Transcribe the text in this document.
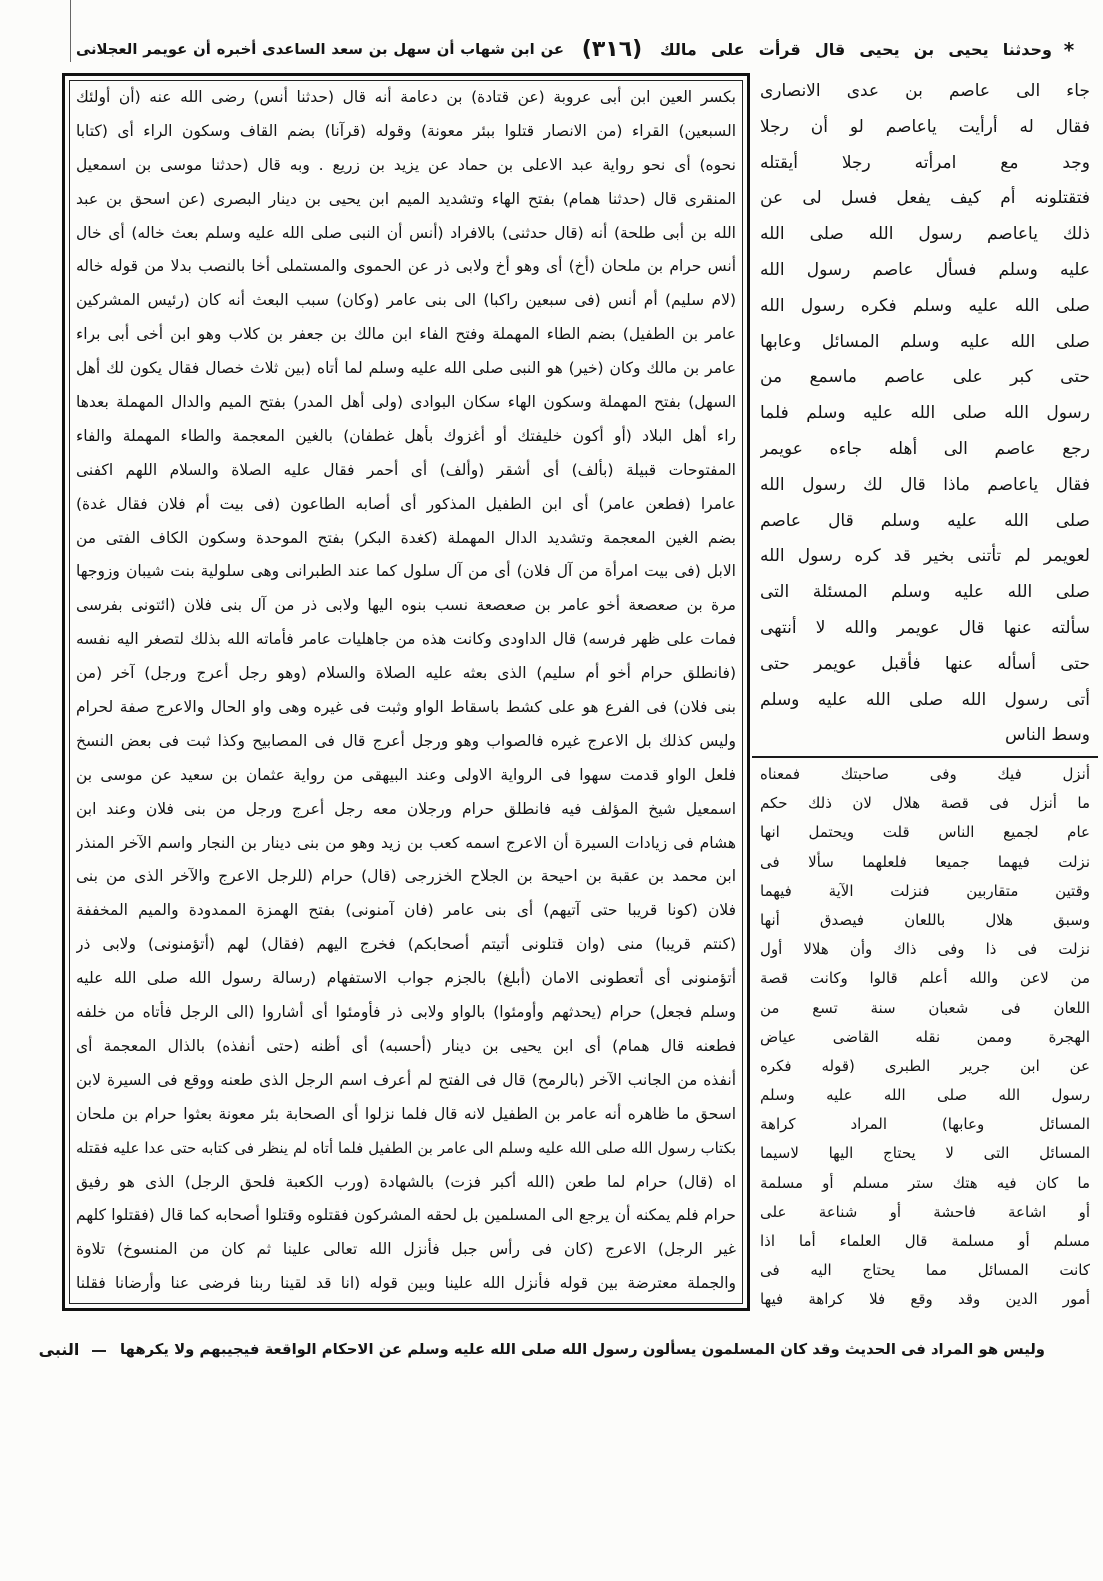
*
وحدثنا يحيى بن يحيى قال قرأت على مالك
(٣١٦)
عن ابن شهاب أن سهل بن سعد الساعدى أخبره أن عويمر العجلانى
بكسر العين ابن أبى عروبة (عن قتادة) بن دعامة أنه قال (حدثنا أنس) رضى الله عنه (أن أولئك
السبعين) القراء (من الانصار قتلوا ببئر معونة) وقوله (قرآنا) بضم القاف وسكون الراء أى (كتابا
نحوه) أى نحو رواية عبد الاعلى بن حماد عن يزيد بن زريع . وبه قال (حدثنا موسى بن اسمعيل
المنقرى قال (حدثنا همام) بفتح الهاء وتشديد الميم ابن يحيى بن دينار البصرى (عن اسحق بن عبد
الله بن أبى طلحة) أنه (قال حدثنى) بالافراد (أنس أن النبى صلى الله عليه وسلم بعث خاله) أى خال
أنس حرام بن ملحان (أخ) أى وهو أخ ولابى ذر عن الحموى والمستملى أخا بالنصب بدلا من قوله خاله
(لام سليم) أم أنس (فى سبعين راكبا) الى بنى عامر (وكان) سبب البعث أنه كان (رئيس المشركين
عامر بن الطفيل) بضم الطاء المهملة وفتح الفاء ابن مالك بن جعفر بن كلاب وهو ابن أخى أبى براء
عامر بن مالك وكان (خير) هو النبى صلى الله عليه وسلم لما أتاه (بين ثلاث خصال فقال يكون لك أهل
السهل) بفتح المهملة وسكون الهاء سكان البوادى (ولى أهل المدر) بفتح الميم والدال المهملة بعدها
راء أهل البلاد (أو أكون خليفتك أو أغزوك بأهل غطفان) بالغين المعجمة والطاء المهملة والفاء
المفتوحات قبيلة (بألف) أى أشقر (وألف) أى أحمر فقال عليه الصلاة والسلام اللهم اكفنى
عامرا (فطعن عامر) أى ابن الطفيل المذكور أى أصابه الطاعون (فى بيت أم فلان فقال غدة)
بضم الغين المعجمة وتشديد الدال المهملة (كغدة البكر) بفتح الموحدة وسكون الكاف الفتى من
الابل (فى بيت امرأة من آل فلان) أى من آل سلول كما عند الطبرانى وهى سلولية بنت شيبان وزوجها
مرة بن صعصعة أخو عامر بن صعصعة نسب بنوه اليها ولابى ذر من آل بنى فلان (ائتونى بفرسى
فمات على ظهر فرسه) قال الداودى وكانت هذه من جاهليات عامر فأماته الله بذلك لتصغر اليه نفسه
(فانطلق حرام أخو أم سليم) الذى بعثه عليه الصلاة والسلام (وهو رجل أعرج ورجل) آخر (من
بنى فلان) فى الفرع هو على كشط باسقاط الواو وثبت فى غيره وهى واو الحال والاعرج صفة لحرام
وليس كذلك بل الاعرج غيره فالصواب وهو ورجل أعرج قال فى المصابيح وكذا ثبت فى بعض النسخ
فلعل الواو قدمت سهوا فى الرواية الاولى وعند البيهقى من رواية عثمان بن سعيد عن موسى بن
اسمعيل شيخ المؤلف فيه فانطلق حرام ورجلان معه رجل أعرج ورجل من بنى فلان وعند ابن
هشام فى زيادات السيرة أن الاعرج اسمه كعب بن زيد وهو من بنى دينار بن النجار واسم الآخر المنذر
ابن محمد بن عقبة بن احيحة بن الجلاح الخزرجى (قال) حرام (للرجل الاعرج والآخر الذى من بنى
فلان (كونا قريبا حتى آتيهم) أى بنى عامر (فان آمنونى) بفتح الهمزة الممدودة والميم المخففة
(كنتم قريبا) منى (وان قتلونى أتيتم أصحابكم) فخرج اليهم (فقال) لهم (أتؤمنونى) ولابى ذر
أتؤمنونى أى أتعطونى الامان (أبلغ) بالجزم جواب الاستفهام (رسالة رسول الله صلى الله عليه
وسلم فجعل) حرام (يحدثهم وأومئوا) بالواو ولابى ذر فأومئوا أى أشاروا (الى الرجل فأتاه من خلفه
فطعنه قال همام) أى ابن يحيى بن دينار (أحسبه) أى أظنه (حتى أنفذه) بالذال المعجمة أى
أنفذه من الجانب الآخر (بالرمح) قال فى الفتح لم أعرف اسم الرجل الذى طعنه ووقع فى السيرة لابن
اسحق ما ظاهره أنه عامر بن الطفيل لانه قال فلما نزلوا أى الصحابة بئر معونة بعثوا حرام بن ملحان
بكتاب رسول الله صلى الله عليه وسلم الى عامر بن الطفيل فلما أتاه لم ينظر فى كتابه حتى عدا عليه فقتله
اه (قال) حرام لما طعن (الله أكبر فزت) بالشهادة (ورب الكعبة فلحق الرجل) الذى هو رفيق
حرام فلم يمكنه أن يرجع الى المسلمين بل لحقه المشركون فقتلوه وقتلوا أصحابه كما قال (فقتلوا كلهم
غير الرجل) الاعرج (كان فى رأس جبل فأنزل الله تعالى علينا ثم كان من المنسوخ) تلاوة
والجملة معترضة بين قوله فأنزل الله علينا وبين قوله (انا قد لقينا ربنا فرضى عنا وأرضانا فقلنا
جاء الى عاصم بن عدى الانصارى
فقال له أرأيت ياعاصم لو أن رجلا
وجد مع امرأته رجلا أيقتله
فتقتلونه أم كيف يفعل فسل لى عن
ذلك ياعاصم رسول الله صلى الله
عليه وسلم فسأل عاصم رسول الله
صلى الله عليه وسلم فكره رسول الله
صلى الله عليه وسلم المسائل وعابها
حتى كبر على عاصم ماسمع من
رسول الله صلى الله عليه وسلم فلما
رجع عاصم الى أهله جاءه عويمر
فقال ياعاصم ماذا قال لك رسول الله
صلى الله عليه وسلم قال عاصم
لعويمر لم تأتنى بخير قد كره رسول الله
صلى الله عليه وسلم المسئلة التى
سألته عنها قال عويمر والله لا أنتهى
حتى أسأله عنها فأقبل عويمر حتى
أتى رسول الله صلى الله عليه وسلم
وسط الناس
أنزل فيك وفى صاحبتك فمعناه
ما أنزل فى قصة هلال لان ذلك حكم
عام لجميع الناس قلت ويحتمل انها
نزلت فيهما جميعا فلعلهما سألا فى
وقتين متقاربين فنزلت الآية فيهما
وسبق هلال باللعان فيصدق أنها
نزلت فى ذا وفى ذاك وأن هلالا أول
من لاعن والله أعلم قالوا وكانت قصة
اللعان فى شعبان سنة تسع من
الهجرة وممن نقله القاضى عياض
عن ابن جرير الطبرى (قوله فكره
رسول الله صلى الله عليه وسلم
المسائل وعابها) المراد كراهة
المسائل التى لا يحتاج اليها لاسيما
ما كان فيه هتك ستر مسلم أو مسلمة
أو اشاعة فاحشة أو شناعة على
مسلم أو مسلمة قال العلماء أما اذا
كانت المسائل مما يحتاج اليه فى
أمور الدين وقد وقع فلا كراهة فيها
وليس هو المراد فى الحديث وقد كان المسلمون يسألون رسول الله صلى الله عليه وسلم عن الاحكام الواقعة فيجيبهم ولا يكرهها
النبى
